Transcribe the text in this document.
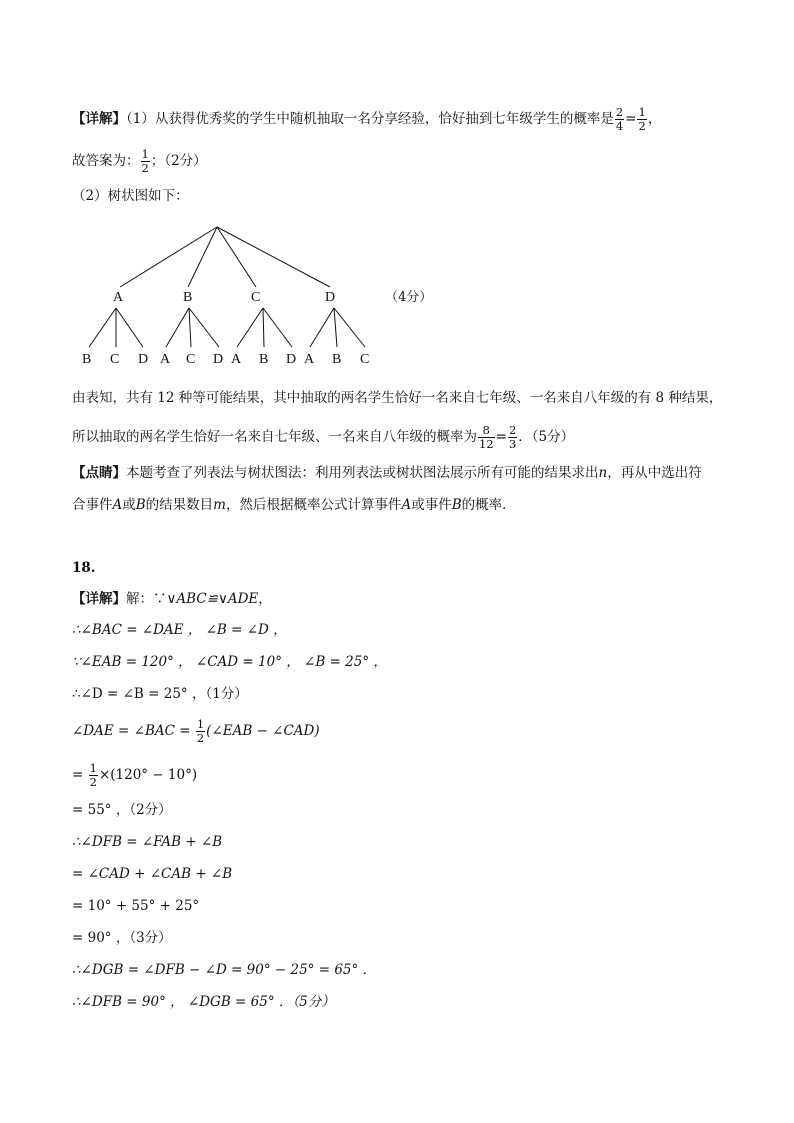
【详解】（1）从获得优秀奖的学生中随机抽取一名分享经验，恰好抽到七年级学生的概率是 $\frac{2}{4} = \frac{1}{2}$ ，
故答案为： $\frac{1}{2}$ ；（2分）
（2）树状图如下：
A	B	C	D	（4分）
B C D A C D A B D A B C
由表知，共有 12 种等可能结果，其中抽取的两名学生恰好一名来自七年级、一名来自八年级的有 8 种结果，
所以抽取的两名学生恰好一名来自七年级、一名来自八年级的概率为 $\frac{8}{12} = \frac{2}{3}$ ．（5分）
【点睛】本题考查了列表法与树状图法：利用列表法或树状图法展示所有可能的结果求出n，再从中选出符
合事件A或B的结果数目m，然后根据概率公式计算事件A或事件B的概率．
18.
【详解】解：∵∨ABC≌∨ADE，
∴∠BAC = ∠DAE ， ∠B = ∠D ，
∵∠EAB = 120° ， ∠CAD = 10° ， ∠B = 25° ，
∴∠D = ∠B = 25° ，（1分）
∠DAE = ∠BAC = $\frac{1}{2}$ (∠EAB − ∠CAD)
= $\frac{1}{2} \times(120^\circ - 10^\circ)$
= 55° ，（2分）
∴∠DFB = ∠FAB + ∠B
= ∠CAD + ∠CAB + ∠B
= 10° + 55° + 25°
= 90° ，（3分）
∴∠DGB = ∠DFB − ∠D = 90° − 25° = 65° ．
∴∠DFB = 90° ， ∠DGB = 65° ．（5分）
